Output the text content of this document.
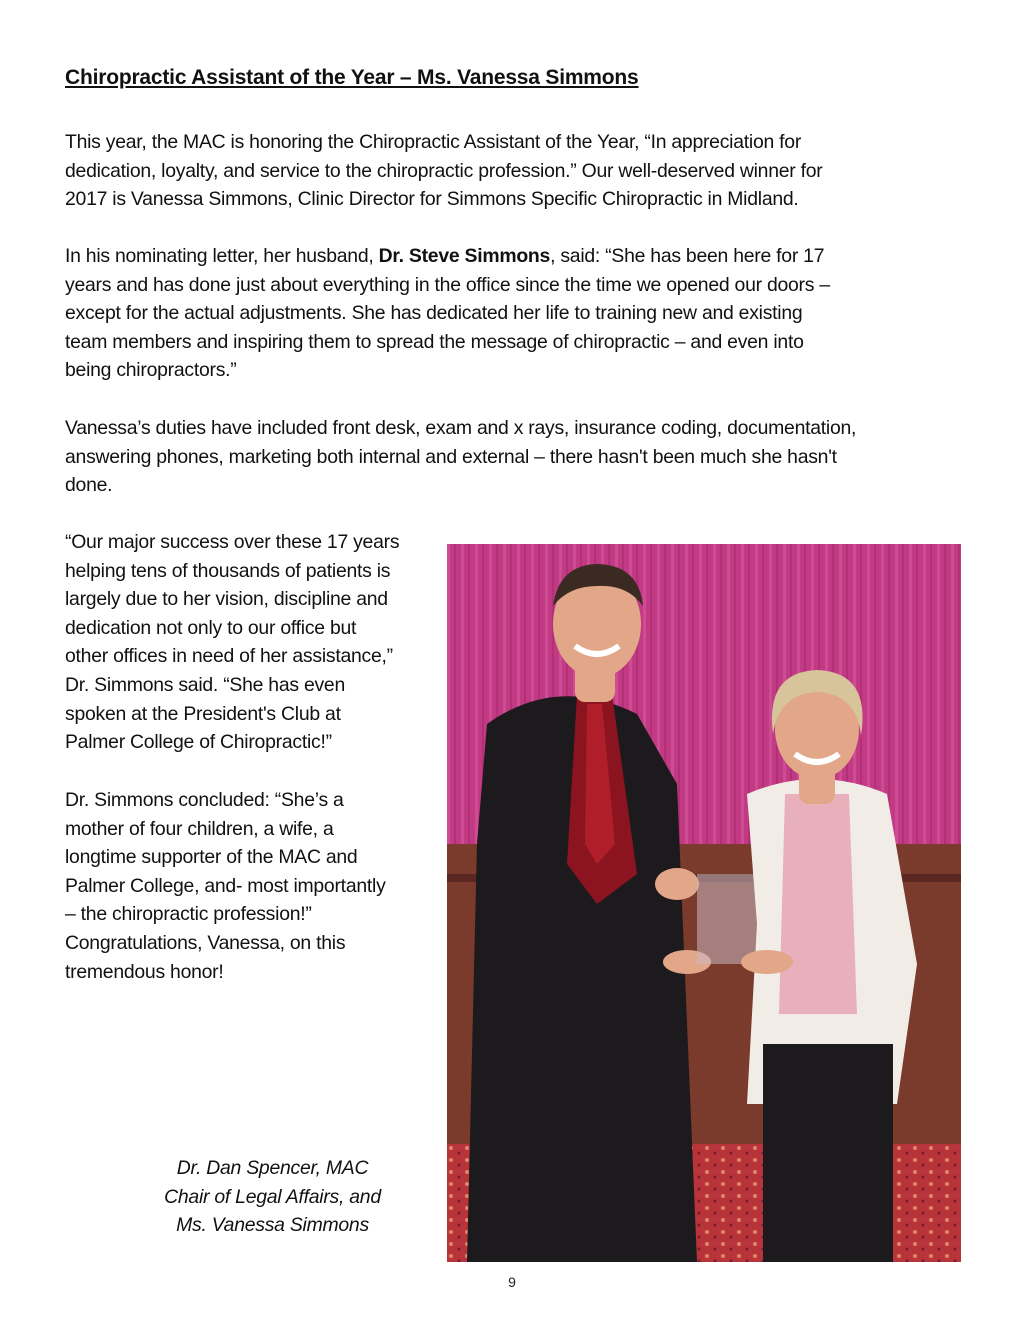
Chiropractic Assistant of the Year – Ms. Vanessa Simmons

This year, the MAC is honoring the Chiropractic Assistant of the Year, “In appreciation for
dedication, loyalty, and service to the chiropractic profession.” Our well-deserved winner for
2017 is Vanessa Simmons, Clinic Director for Simmons Specific Chiropractic in Midland.

In his nominating letter, her husband, Dr. Steve Simmons, said: “She has been here for 17
years and has done just about everything in the office since the time we opened our doors –
except for the actual adjustments. She has dedicated her life to training new and existing
team members and inspiring them to spread the message of chiropractic – and even into
being chiropractors.”

Vanessa’s duties have included front desk, exam and x rays, insurance coding, documentation,
answering phones, marketing both internal and external – there hasn't been much she hasn't
done.

“Our major success over these 17 years
helping tens of thousands of patients is
largely due to her vision, discipline and
dedication not only to our office but
other offices in need of her assistance,”
Dr. Simmons said. “She has even
spoken at the President's Club at
Palmer College of Chiropractic!”

Dr. Simmons concluded: “She’s a
mother of four children, a wife, a
longtime supporter of the MAC and
Palmer College, and- most importantly
– the chiropractic profession!”
Congratulations, Vanessa, on this
tremendous honor!

Dr. Dan Spencer, MAC
Chair of Legal Affairs, and
Ms. Vanessa Simmons
9
